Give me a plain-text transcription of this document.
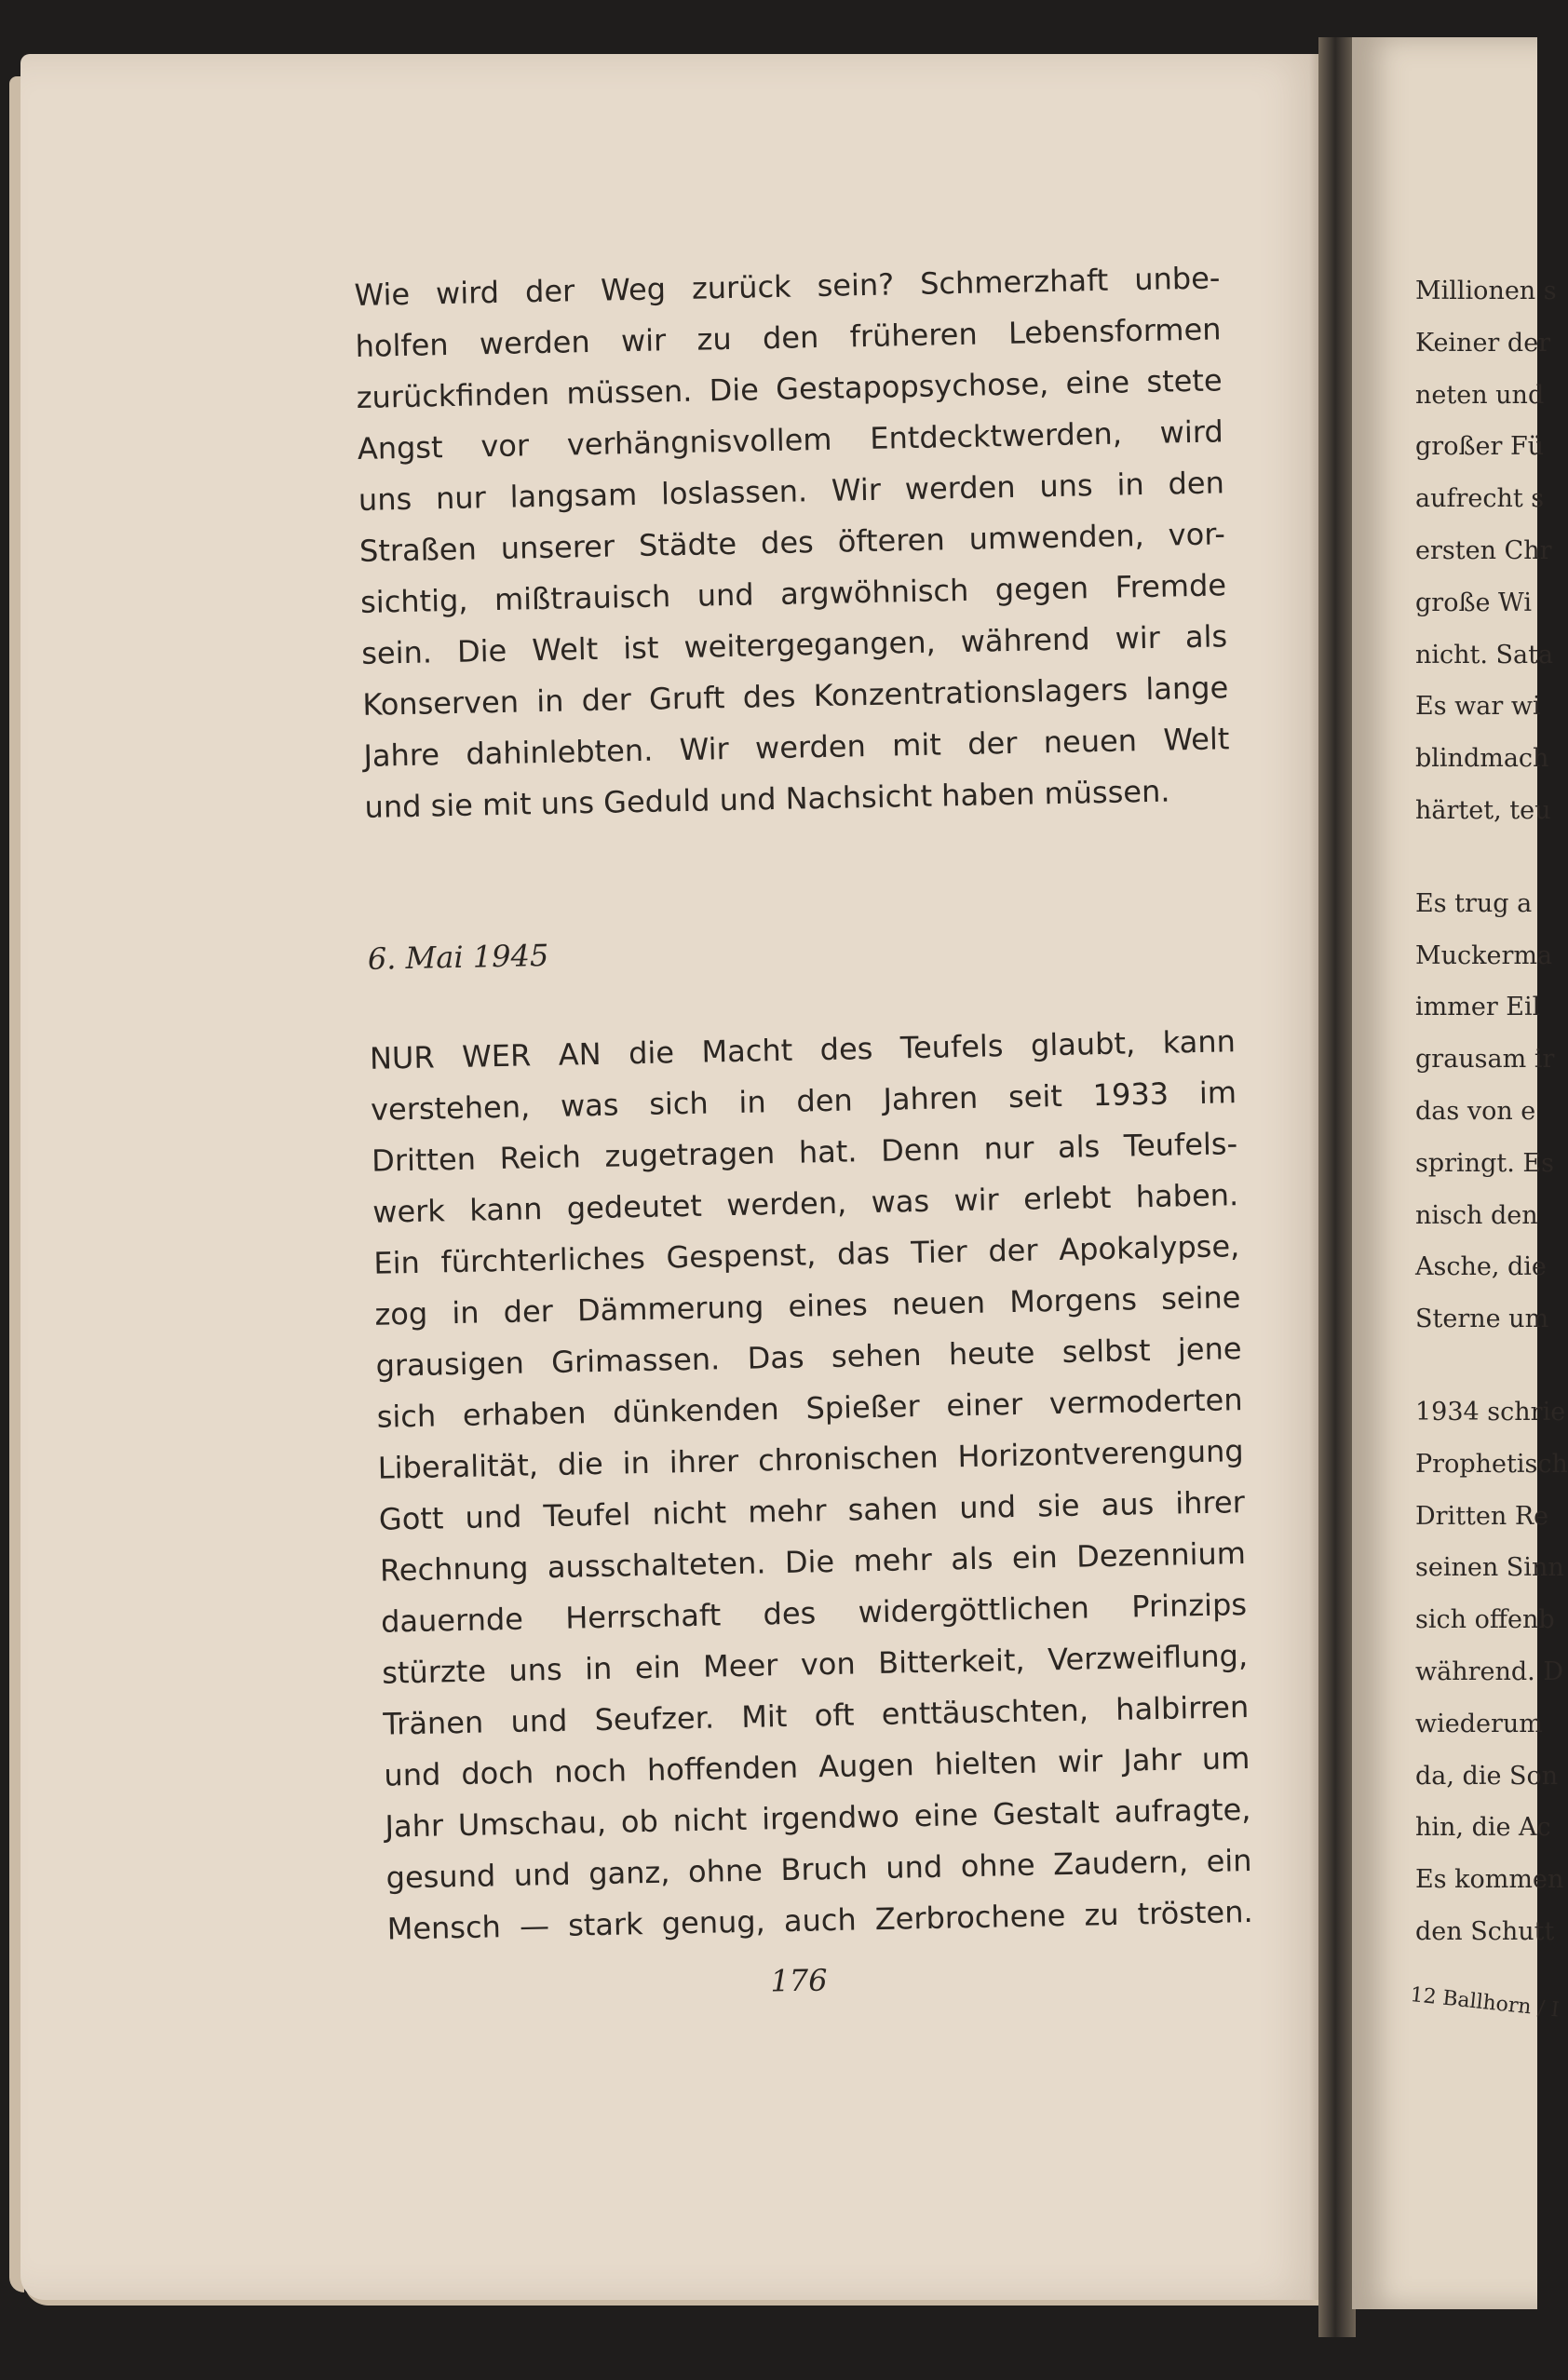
Wie wird der Weg zurück sein? Schmerzhaft unbe-
holfen werden wir zu den früheren Lebensformen
zurückfinden müssen. Die Gestapopsychose, eine stete
Angst vor verhängnisvollem Entdecktwerden, wird
uns nur langsam loslassen. Wir werden uns in den
Straßen unserer Städte des öfteren umwenden, vor-
sichtig, mißtrauisch und argwöhnisch gegen Fremde
sein. Die Welt ist weitergegangen, während wir als
Konserven in der Gruft des Konzentrationslagers lange
Jahre dahinlebten. Wir werden mit der neuen Welt
und sie mit uns Geduld und Nachsicht haben müssen.
6. Mai 1945
NUR WER AN die Macht des Teufels glaubt, kann
verstehen, was sich in den Jahren seit 1933 im
Dritten Reich zugetragen hat. Denn nur als Teufels-
werk kann gedeutet werden, was wir erlebt haben.
Ein fürchterliches Gespenst, das Tier der Apokalypse,
zog in der Dämmerung eines neuen Morgens seine
grausigen Grimassen. Das sehen heute selbst jene
sich erhaben dünkenden Spießer einer vermoderten
Liberalität, die in ihrer chronischen Horizontverengung
Gott und Teufel nicht mehr sahen und sie aus ihrer
Rechnung ausschalteten. Die mehr als ein Dezennium
dauernde Herrschaft des widergöttlichen Prinzips
stürzte uns in ein Meer von Bitterkeit, Verzweiflung,
Tränen und Seufzer. Mit oft enttäuschten, halbirren
und doch noch hoffenden Augen hielten wir Jahr um
Jahr Umschau, ob nicht irgendwo eine Gestalt aufragte,
gesund und ganz, ohne Bruch und ohne Zaudern, ein
Mensch — stark genug, auch Zerbrochene zu trösten.
176
Millionen s
Keiner der
neten und
großer Fü
aufrecht s
ersten Chr
große Wi
nicht. Sata
Es war wi
blindmach
härtet, teu
Es trug a
Muckerma
immer Eil
grausam ir
das von e
springt. Es
nisch den
Asche, die
Sterne um
1934 schrie
Prophetisch
Dritten Re
seinen Sinn
sich offenb
während. D
wiederum
da, die Son
hin, die Ac
Es kommen
den Schutt
12 Ballhorn / I
